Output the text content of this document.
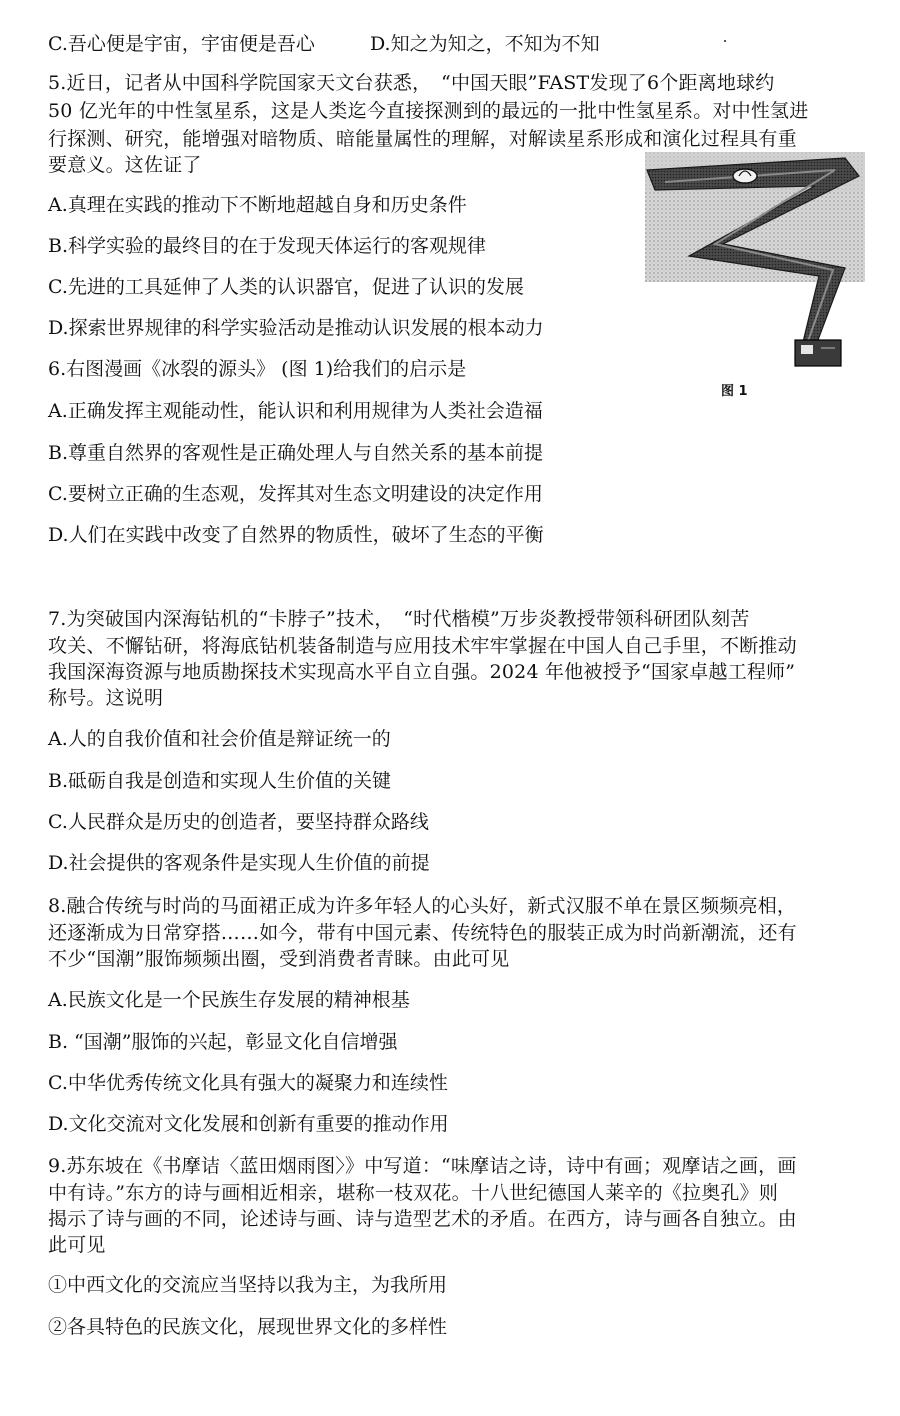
C.吾心便是宇宙，宇宙便是吾心	D.知之为知之，不知为不知
5.近日，记者从中国科学院国家天文台获悉，　“中国天眼”FAST发现了6个距离地球约
50 亿光年的中性氢星系，这是人类迄今直接探测到的最远的一批中性氢星系。对中性氢进
行探测、研究，能增强对暗物质、暗能量属性的理解，对解读星系形成和演化过程具有重
要意义。这佐证了
A.真理在实践的推动下不断地超越自身和历史条件
B.科学实验的最终目的在于发现天体运行的客观规律
C.先进的工具延伸了人类的认识器官，促进了认识的发展
D.探索世界规律的科学实验活动是推动认识发展的根本动力
图 1
6.右图漫画《冰裂的源头》 (图 1)给我们的启示是
A.正确发挥主观能动性，能认识和利用规律为人类社会造福
B.尊重自然界的客观性是正确处理人与自然关系的基本前提
C.要树立正确的生态观，发挥其对生态文明建设的决定作用
D.人们在实践中改变了自然界的物质性，破坏了生态的平衡
7.为突破国内深海钻机的“卡脖子”技术，　“时代楷模”万步炎教授带领科研团队刻苦
攻关、不懈钻研，将海底钻机装备制造与应用技术牢牢掌握在中国人自己手里，不断推动
我国深海资源与地质勘探技术实现高水平自立自强。2024 年他被授予“国家卓越工程师”
称号。这说明
A.人的自我价值和社会价值是辩证统一的
B.砥砺自我是创造和实现人生价值的关键
C.人民群众是历史的创造者，要坚持群众路线
D.社会提供的客观条件是实现人生价值的前提
8.融合传统与时尚的马面裙正成为许多年轻人的心头好，新式汉服不单在景区频频亮相，
还逐渐成为日常穿搭……如今，带有中国元素、传统特色的服装正成为时尚新潮流，还有
不少“国潮”服饰频频出圈，受到消费者青睐。由此可见
A.民族文化是一个民族生存发展的精神根基
B. “国潮”服饰的兴起，彰显文化自信增强
C.中华优秀传统文化具有强大的凝聚力和连续性
D.文化交流对文化发展和创新有重要的推动作用
9.苏东坡在《书摩诘〈蓝田烟雨图〉》中写道：“味摩诘之诗，诗中有画；观摩诘之画，画
中有诗。”东方的诗与画相近相亲，堪称一枝双花。十八世纪德国人莱辛的《拉奥孔》则
揭示了诗与画的不同，论述诗与画、诗与造型艺术的矛盾。在西方，诗与画各自独立。由
此可见
①中西文化的交流应当坚持以我为主，为我所用
②各具特色的民族文化，展现世界文化的多样性
